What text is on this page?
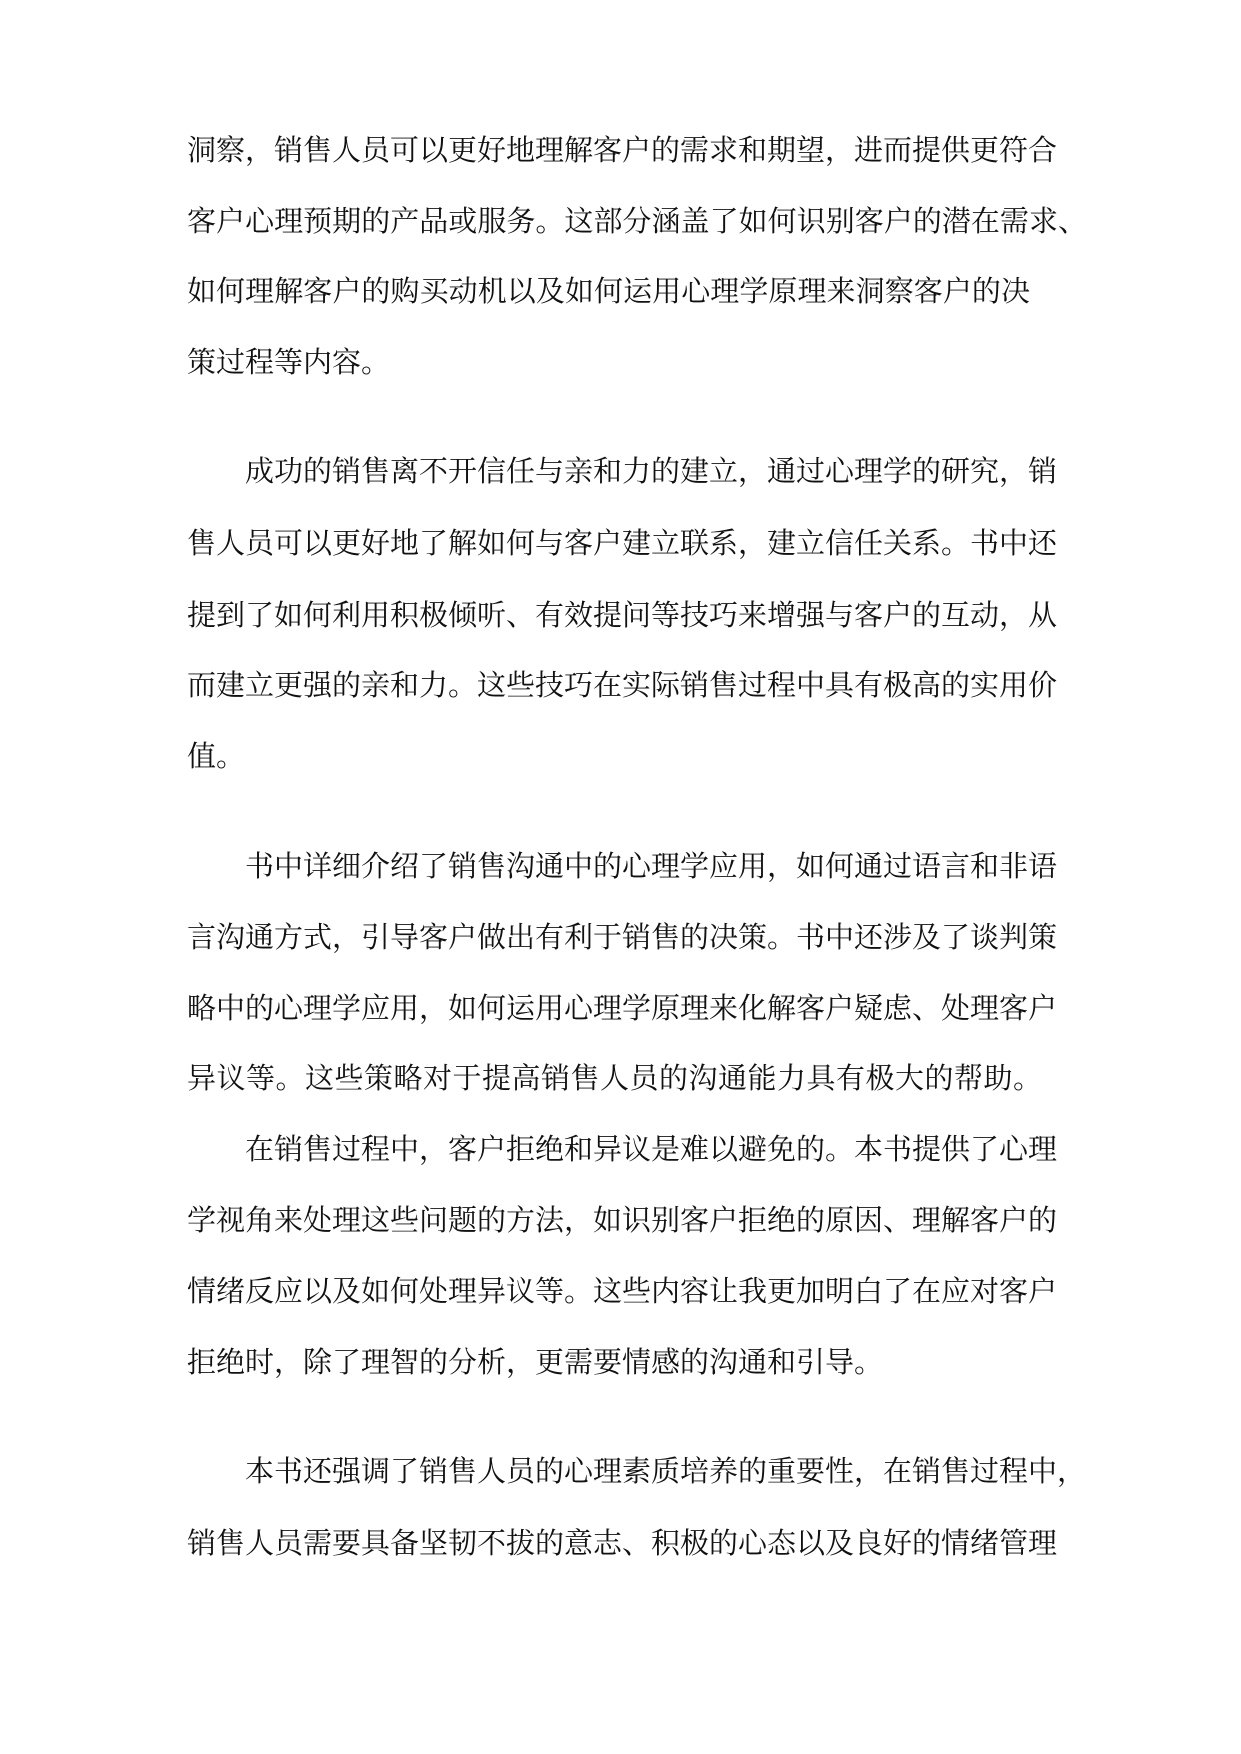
洞察，销售人员可以更好地理解客户的需求和期望，进而提供更符合

客户心理预期的产品或服务。这部分涵盖了如何识别客户的潜在需求、

如何理解客户的购买动机以及如何运用心理学原理来洞察客户的决

策过程等内容。

成功的销售离不开信任与亲和力的建立，通过心理学的研究，销

售人员可以更好地了解如何与客户建立联系，建立信任关系。书中还

提到了如何利用积极倾听、有效提问等技巧来增强与客户的互动，从

而建立更强的亲和力。这些技巧在实际销售过程中具有极高的实用价

值。

书中详细介绍了销售沟通中的心理学应用，如何通过语言和非语

言沟通方式，引导客户做出有利于销售的决策。书中还涉及了谈判策

略中的心理学应用，如何运用心理学原理来化解客户疑虑、处理客户

异议等。这些策略对于提高销售人员的沟通能力具有极大的帮助。

在销售过程中，客户拒绝和异议是难以避免的。本书提供了心理

学视角来处理这些问题的方法，如识别客户拒绝的原因、理解客户的

情绪反应以及如何处理异议等。这些内容让我更加明白了在应对客户

拒绝时，除了理智的分析，更需要情感的沟通和引导。

本书还强调了销售人员的心理素质培养的重要性，在销售过程中，

销售人员需要具备坚韧不拔的意志、积极的心态以及良好的情绪管理
